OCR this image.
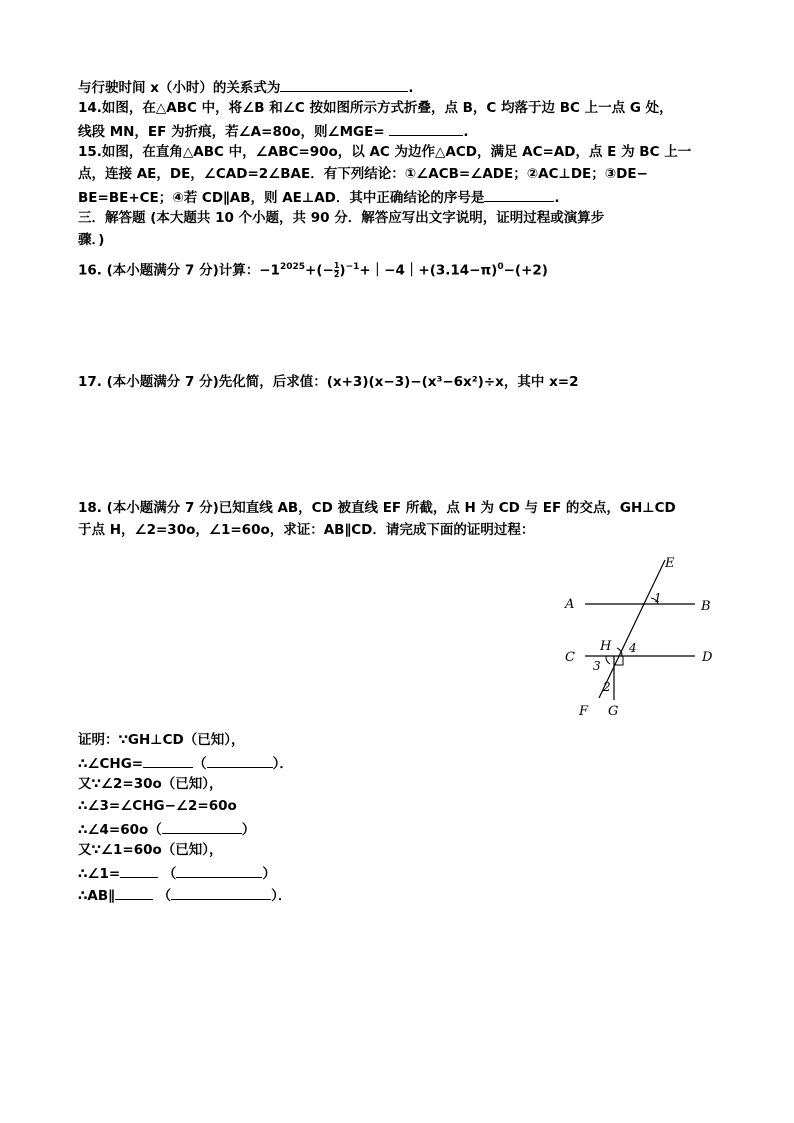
与行驶时间 x（小时）的关系式为	.
14.如图，在△ABC 中，将∠B 和∠C 按如图所示方式折叠，点 B，C 均落于边 BC 上一点 G 处，
线段 MN，EF 为折痕，若∠A=80o，则∠MGE=	.
15.如图，在直角△ABC 中，∠ABC=90o，以 AC 为边作△ACD，满足 AC=AD，点 E 为 BC 上一
点，连接 AE，DE，∠CAD=2∠BAE．有下列结论：①∠ACB=∠ADE；②AC⊥DE；③DE−
BE=BE+CE；④若 CD∥AB，则 AE⊥AD．其中正确结论的序号是	.
三．解答题 (本大题共 10 个小题，共 90 分．解答应写出文字说明，证明过程或演算步
骤．)
16. (本小题满分 7 分)计算：$-1^{2025}+(- \frac{1}{2}$ )$^{-1}+|-4|+(3.14-\pi)^0-(+2)$
17. (本小题满分 7 分)先化简，后求值：(x+3)(x−3)−(x³−6x²)÷x，其中 x=2
18. (本小题满分 7 分)已知直线 AB，CD 被直线 EF 所截，点 H 为 CD 与 EF 的交点，GH⊥CD
于点 H，∠2=30o，∠1=60o，求证：AB∥CD．请完成下面的证明过程：
E
A	B
1
H 4
C	D
3
2
F G
证明：∵GH⊥CD（已知），
∴∠CHG=	（	）．
又∵∠2=30o（已知），
∴∠3=∠CHG−∠2=60o
∴∠4=60o（	）
又∵∠1=60o（已知），
∴∠1=	（	）
∴AB∥	（	）．
